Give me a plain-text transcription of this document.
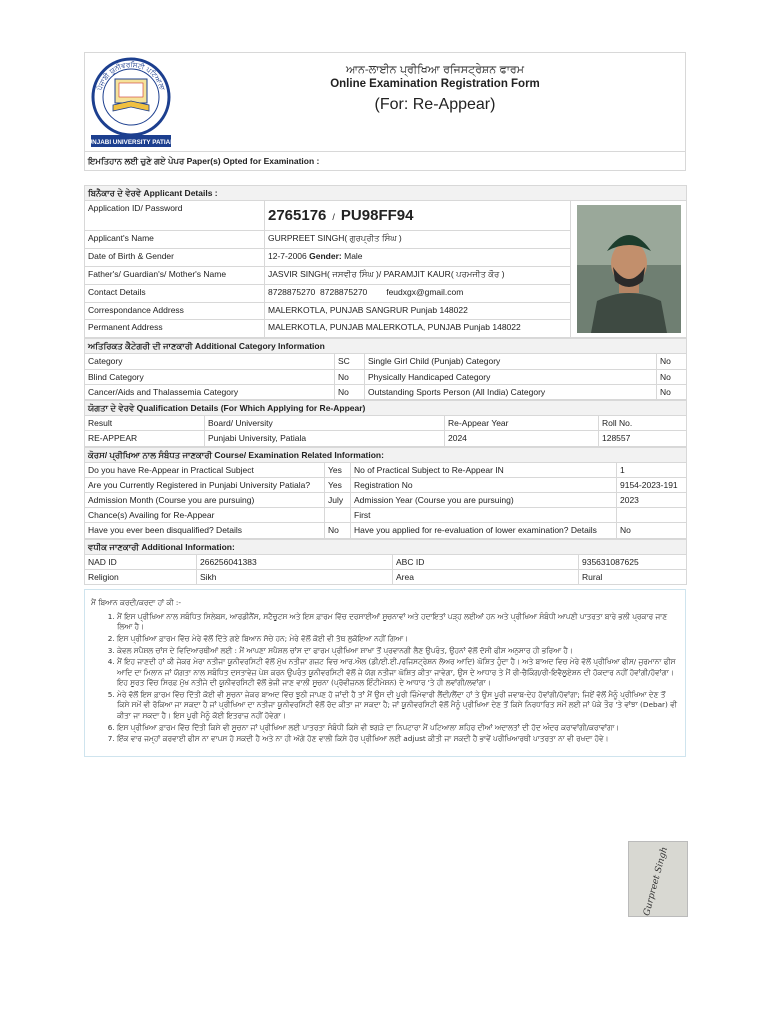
ਪੰਜਾਬੀ ਯੂਨੀਵਰਸਿਟੀ ਪਟਿਆਲਾ
UNJABI UNIVERSITY PATIAL
ਆਨ-ਲਾਈਨ ਪ੍ਰੀਖਿਆ ਰਜਿਸਟ੍ਰੇਸ਼ਨ ਫਾਰਮ
Online Examination Registration Form
(For: Re-Appear)
ਇਮਤਿਹਾਨ ਲਈ ਚੁਣੇ ਗਏ ਪੇਪਰ Paper(s) Opted for Examination :
ਬਿਨੈਕਾਰ ਦੇ ਵੇਰਵੇ Applicant Details :		
Application ID/ Password	2765176 / PU98FF94	

Applicant's Name	GURPREET SINGH( ਗੁਰਪ੍ਰੀਤ ਸਿੰਘ )	
Date of Birth & Gender	12-7-2006 Gender: Male	
Father's/ Guardian's/ Mother's Name	JASVIR SINGH( ਜਸਵੀਰ ਸਿੰਘ )/ PARAMJIT KAUR( ਪਰਮਜੀਤ ਕੌਰ )	
Contact Details	8728875270 8728875270 feudxgx@gmail.com	
Correspondance Address	MALERKOTLA, PUNJAB SANGRUR Punjab 148022	
Permanent Address	MALERKOTLA, PUNJAB MALERKOTLA, PUNJAB Punjab 148022	
ਅਤਿਰਿਕਤ ਕੈਟੇਗਰੀ ਦੀ ਜਾਣਕਾਰੀ Additional Category Information			
Category	SC	Single Girl Child (Punjab) Category	No
Blind Category	No	Physically Handicaped Category	No
Cancer/Aids and Thalassemia Category	No	Outstanding Sports Person (All India) Category	No
ਯੋਗਤਾ ਦੇ ਵੇਰਵੇ Qualification Details (For Which Applying for Re-Appear)			
Result	Board/ University	Re-Appear Year	Roll No.
RE-APPEAR	Punjabi University, Patiala	2024	128557
ਕੋਰਸ/ ਪ੍ਰੀਖਿਆ ਨਾਲ ਸੰਬੰਧਤ ਜਾਣਕਾਰੀ Course/ Examination Related Information:			
Do you have Re-Appear in Practical Subject	Yes	No of Practical Subject to Re-Appear IN	1
Are you Currently Registered in Punjabi University Patiala?	Yes	Registration No	9154-2023-191
Admission Month (Course you are pursuing)	July	Admission Year (Course you are pursuing)	2023
Chance(s) Availing for Re-Appear		First	
Have you ever been disqualified? Details	No	Have you applied for re-evaluation of lower examination? Details	No
ਵਧੀਕ ਜਾਣਕਾਰੀ Additional Information:			
NAD ID	266256041383	ABC ID	935631087625
Religion	Sikh	Area	Rural
ਮੈਂ ਬਿਆਨ ਕਰਦੀ/ਕਰਦਾ ਹਾਂ ਕੀ :-
1. ਮੈਂ ਇਸ ਪ੍ਰੀਖਿਆ ਨਾਲ ਸਬੰਧਿਤ ਸਿਲੇਬਸ, ਆਰਡੀਨੈਂਸ, ਸਟੈਚੂਟਸ ਅਤੇ ਇਸ ਫ਼ਾਰਮ ਵਿੱਚ ਦਰਸਾਈਆਂ ਸੂਚਨਾਵਾਂ ਅਤੇ ਹਦਾਇਤਾਂ ਪੜ੍ਹ ਲਈਆਂ ਹਨ ਅਤੇ ਪ੍ਰੀਖਿਆ ਸੰਬੰਧੀ ਆਪਣੀ ਪਾਤਰਤਾ ਬਾਰੇ ਭਲੀ ਪ੍ਰਕਾਰ ਜਾਣ ਲਿਆ ਹੈ।
2. ਇਸ ਪ੍ਰੀਖਿਆ ਫ਼ਾਰਮ ਵਿੱਚ ਮੇਰੇ ਵੱਲੋਂ ਦਿੱਤੇ ਗਏ ਬਿਆਨ ਸੱਚੇ ਹਨ; ਮੇਰੇ ਵੱਲੋਂ ਕੋਈ ਵੀ ਤੱਥ ਲੁਕੋਇਆ ਨਹੀਂ ਗਿਆ।
3. ਕੇਵਲ ਸਪੈਸ਼ਲ ਚਾਂਸ ਦੇ ਵਿਦਿਆਰਥੀਆਂ ਲਈ : ਮੈਂ ਆਪਣਾ ਸਪੈਸ਼ਲ ਚਾਂਸ ਦਾ ਫਾਰਮ ਪ੍ਰੀਖਿਆ ਸ਼ਾਖਾ ਤੋਂ ਪ੍ਰਵਾਨਗੀ ਲੈਣ ਉਪਰੰਤ, ਉਹਨਾਂ ਵੱਲੋਂ ਦੱਸੀ ਫੀਸ ਅਨੁਸਾਰ ਹੀ ਭਰਿਆ ਹੈ।
4. ਮੈਂ ਇਹ ਜਾਣਦੀ ਹਾਂ ਕੀ ਜੇਕਰ ਮੇਰਾ ਨਤੀਜਾ ਯੂਨੀਵਰਸਿਟੀ ਵੱਲੋਂ ਮੁੱਖ ਨਤੀਜਾ ਗਜ਼ਟ ਵਿਚ ਆਰ.ਐਲ (ਡੀ/ਈ.ਈ./ਰਜਿਸਟ੍ਰੇਸ਼ਨ ਲੋਅਰ ਆਦਿ) ਘੋਸ਼ਿਤ ਹੁੰਦਾ ਹੈ। ਅਤੇ ਬਾਅਦ ਵਿਚ ਮੇਰੇ ਵੱਲੋਂ ਪ੍ਰੀਖਿਆ ਫੀਸ/ ਜੁਰਮਾਨਾ ਫੀਸ ਆਦਿ ਦਾ ਮਿਲਾਨ ਜਾਂ ਯੋਗਤਾ ਨਾਲ ਸਬੰਧਿਤ ਦਸਤਾਵੇਜ਼ ਪੇਸ਼ ਕਰਨ ਉਪਰੰਤ ਯੂਨੀਵਰਸਿਟੀ ਵੱਲੋਂ ਜੇ ਯੋਗ ਨਤੀਜਾ ਘੋਸ਼ਿਤ ਕੀਤਾ ਜਾਵੇਗਾ, ਉਸ ਦੇ ਆਧਾਰ ਤੇ ਮੈਂ ਰੀ-ਚੈਕਿੰਗ/ਰੀ-ਇਵੈਲੂਏਸ਼ਨ ਦੀ ਹੱਕਦਾਰ ਨਹੀਂ ਹੋਵਾਂਗੀ/ਹੋਵਾਂਗਾ। ਇਹ ਸੂਰਤ ਵਿੱਚ ਸਿਰਫ਼ ਮੁੱਖ ਨਤੀਜੇ ਦੀ ਯੂਨੀਵਰਸਿਟੀ ਵੱਲੋਂ ਭੇਜੀ ਜਾਣ ਵਾਲੀ ਸੂਚਨਾ (ਪ੍ਰੋਵੀਜ਼ਨਲ ਇੰਟੀਮੇਸ਼ਨ) ਦੇ ਆਧਾਰ 'ਤੇ ਹੀ ਲਵਾਂਗੀ/ਲਵਾਂਗਾ।
5. ਮੇਰੇ ਵੱਲੋਂ ਇਸ ਫ਼ਾਰਮ ਵਿੱਚ ਦਿੱਤੀ ਕੋਈ ਵੀ ਸੂਚਨਾ ਜੇਕਰ ਬਾਅਦ ਵਿੱਚ ਝੂਠੀ ਜਾਪਣ ਹੋ ਜਾਂਦੀ ਹੈ ਤਾਂ ਮੈਂ ਉਸ ਦੀ ਪੂਰੀ ਜ਼ਿੰਮੇਵਾਰੀ ਲੈਂਦੀ/ਲੈਂਦਾ ਹਾਂ ਤੇ ਉਸ ਪੂਰੀ ਜਵਾਬ-ਦੇਹ ਹੋਵਾਂਗੀ/ਹੋਵਾਂਗਾ; ਜਿਏਂ ਵੱਲੋਂ ਮੈਨੂੰ ਪ੍ਰੀਖਿਆ ਦੇਣ ਤੋਂ ਕਿਸੇ ਸਮੇਂ ਵੀ ਰੋਕਿਆ ਜਾ ਸਕਦਾ ਹੈ ਜਾਂ ਪ੍ਰੀਖਿਆ ਦਾ ਨਤੀਜਾ ਯੂਨੀਵਰਸਿਟੀ ਵੱਲੋਂ ਰੱਦ ਕੀਤਾ ਜਾ ਸਕਦਾ ਹੈ; ਜਾਂ ਯੂਨੀਵਰਸਿਟੀ ਵੱਲੋਂ ਮੈਨੂੰ ਪ੍ਰੀਖਿਆ ਦੇਣ ਤੋਂ ਕਿਸੇ ਨਿਰਧਾਰਿਤ ਸਮੇਂ ਲਈ ਜਾਂ ਪੱਕੇ ਤੌਰ 'ਤੇ ਵਾਂਝਾ (Debar) ਵੀ ਕੀਤਾ ਜਾ ਸਕਦਾ ਹੈ। ਇਸ ਪੂਰੀ ਮੈਨੂੰ ਕੋਈ ਇਤਰਾਜ਼ ਨਹੀਂ ਹੋਵੇਗਾ।
6. ਇਸ ਪ੍ਰੀਖਿਆ ਫ਼ਾਰਮ ਵਿੱਚ ਦਿੱਤੀ ਕਿਸੇ ਵੀ ਸੂਚਨਾ ਜਾਂ ਪ੍ਰੀਖਿਆ ਲਈ ਪਾਤਰਤਾ ਸੰਬੰਧੀ ਕਿਸੇ ਵੀ ਝਗੜੇ ਦਾ ਨਿਪਟਾਰਾ ਮੈਂ ਪਟਿਆਲਾ ਸ਼ਹਿਰ ਦੀਆਂ ਅਦਾਲਤਾਂ ਦੀ ਹੱਦ ਅੰਦਰ ਕਰਾਵਾਂਗੀ/ਕਰਾਵਾਂਗਾ।
7. ਇੱਕ ਵਾਰ ਜਮ੍ਹਾਂ ਕਰਵਾਈ ਫੀਸ ਨਾ ਵਾਪਸ ਹੋ ਸਕਦੀ ਹੈ ਅਤੇ ਨਾ ਹੀ ਅੱਗੇ ਹੋਣ ਵਾਲੀ ਕਿਸੇ ਹੋਰ ਪ੍ਰੀਖਿਆ ਲਈ adjust ਕੀਤੀ ਜਾ ਸਕਦੀ ਹੈ ਭਾਵੇਂ ਪਰੀਖਿਆਰਥੀ ਪਾਤਰਤਾ ਨਾ ਵੀ ਰਖਦਾ ਹੋਵੇ।
Gurpreet Singh
